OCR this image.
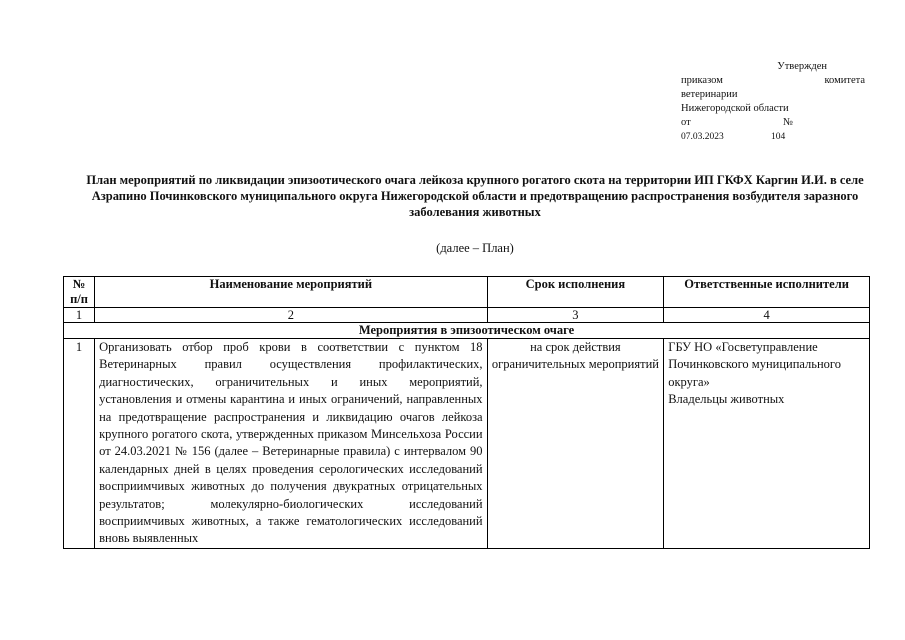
Утвержден
приказом	комитета
ветеринарии
Нижегородской области
от	№
07.03.2023	104
План мероприятий по ликвидации эпизоотического очага лейкоза крупного рогатого скота на территории ИП ГКФХ Каргин И.И. в селе Азрапино Починковского муниципального округа Нижегородской области и предотвращению распространения возбудителя заразного заболевания животных
(далее – План)
№ п/п	Наименование мероприятий	Срок исполнения	Ответственные исполнители
1	2	3	4
Мероприятия в эпизоотическом очаге			
1	Организовать отбор проб крови в соответствии с пунктом 18 Ветеринарных правил осуществления профилактических, диагностических, ограничительных и иных мероприятий, установления и отмены карантина и иных ограничений, направленных на предотвращение распространения и ликвидацию очагов лейкоза крупного рогатого скота, утвержденных приказом Минсельхоза России от 24.03.2021 № 156 (далее – Ветеринарные правила) с интервалом 90 календарных дней в целях проведения серологических исследований восприимчивых животных до получения двукратных отрицательных результатов; молекулярно-биологических исследований восприимчивых животных, а также гематологических исследований вновь выявленных	на срок действия ограничительных мероприятий	ГБУ НО «Госветуправление Починковского муниципального округа»
Владельцы животных
